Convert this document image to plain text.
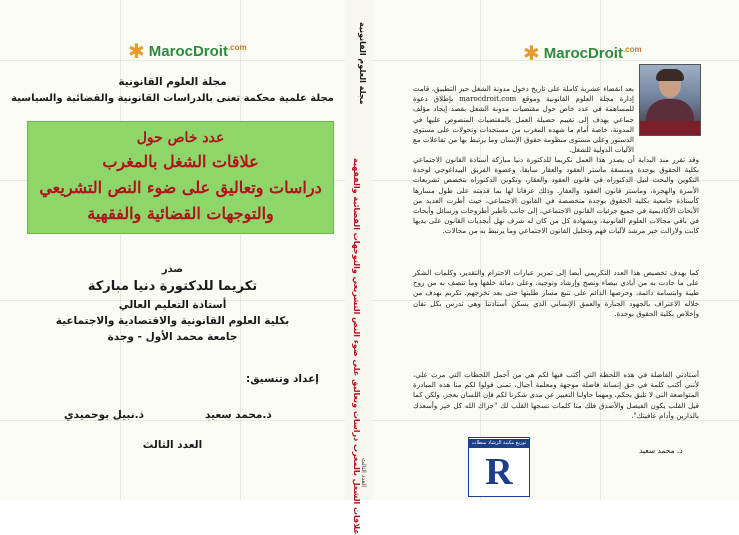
✱ MarocDroit$^{.com}$
مجلة العلوم القانونية
مجلة علمية محكمة تعنى بالدراسات القانونية والقضائية والسياسية
عدد خاص حول
علاقات الشغل بالمغرب
دراسات وتعاليق على ضوء النص التشريعي
والتوجهات القضائية والفقهية
صدر
تكريما للدكتورة دنيا مباركة
أستاذة التعليم العالي
بكلية العلوم القانونية والاقتصادية والاجتماعية
جامعة محمد الأول - وجدة
إعداد وتنسيق:
ذ.محمد سعيد
ذ.نبيل بوحميدي
العدد الثالث
مجلة العلوم القانونية
علاقات الشغل بالمغرب دراسات وتعاليق على ضوء النص التشريعي والتوجهات القضائية والفقهية العدد الثالث
✱ MarocDroit$^{.com}$
بعد انقضاء عشرية كاملة على تاريخ دخول مدونة الشغل حيز التطبيق، قامت إدارة مجلة العلوم القانونية وموقع marocdroit.com بإطلاق دعوة للمساهمة في عدد خاص حول مقتضيات مدونة الشغل بقصد إيجاد مؤلف جماعي يهدف إلى تقييم حصيلة العمل بالمقتضيات المنصوص عليها في المدونة، خاصة أمام ما شهده المغرب من مستجدات وتحولات على مستوى الدستور وعلى مستوى منظومة حقوق الإنسان وما يرتبط بها من تفاعلات مع الآليات الدولية للشغل.
وقد تقرر منذ البداية أن يصدر هذا العمل تكريما للدكتورة دنيا مباركة أستاذة القانون الاجتماعي بكلية الحقوق بوجدة ومنسقة ماستر العقود والعقار سابقا، وعضوة الفريق البيداغوجي لوحدة التكوين والبحث لنيل الدكتوراه في قانون العقود والعقار، وتكوين الدكتوراه بتخصص تشريعات الأسرة والهجرة، وماستر قانون العقود والعقار. وذلك عرفانا لها بما قدمته على طول مسارها كأستاذة جامعية بكلية الحقوق بوجدة متخصصة في القانون الاجتماعي، حيث أطرت العديد من الأبحاث الأكاديمية في جميع جزئيات القانون الاجتماعي، إلى جانب تأطير أطروحات ورسائل وأبحاث في باقي مجالات العلوم القانونية، وبشهادة كل من كان له شرف نهل أبجديات القانون على يديها كانت ولازالت خير مرشد لآليات فهم وتحليل القانون الاجتماعي وما يرتبط به من مجالات.
كما يهدف تخصيص هذا العدد التكريمي أيضا إلى تمرير عبارات الاحترام والتقدير، وكلمات الشكر على ما جادت به من أيادي بيضاء ونصح وإرشاد وتوجيه، وعلى دماثة خلقها وما تتصف به من روح طيبة وابتسامة دائمة، وحرصها الدائم على تتبع مسار طلبتها حتى بعد تخرجهم. تكريم نهدف من خلاله الاعتراف بالجهود الجبارة والعمق الإنساني الذي يسكن أستاذتنا وهي تدرس بكل تفان وإخلاص بكلية الحقوق بوجدة.
أستاذتي الفاضلة في هذه اللحظة التي أكتب فيها لكم هي من أجمل اللحظات التي مرت علي، لأنني أكتب كلمة في حق إنسانة فاضلة موجهة ومعلمة أجيال، تمنى قولوا لكم منا هذه المبادرة المتواضعة التي لا تليق بحكم، ومهما حاولنا التعبير عن مدى شكرنا لكم فإن اللسان يعجز، ولكن كما قيل القلب يكون الفيصل والأصدق فلك منا كلمات نسجها القلب لك "جزاك الله كل خير وأسعدك بالدارين وأدام عافيتك".
ذ. محمد سعيد
توزيع مكتبة الرشاد سطات
R
